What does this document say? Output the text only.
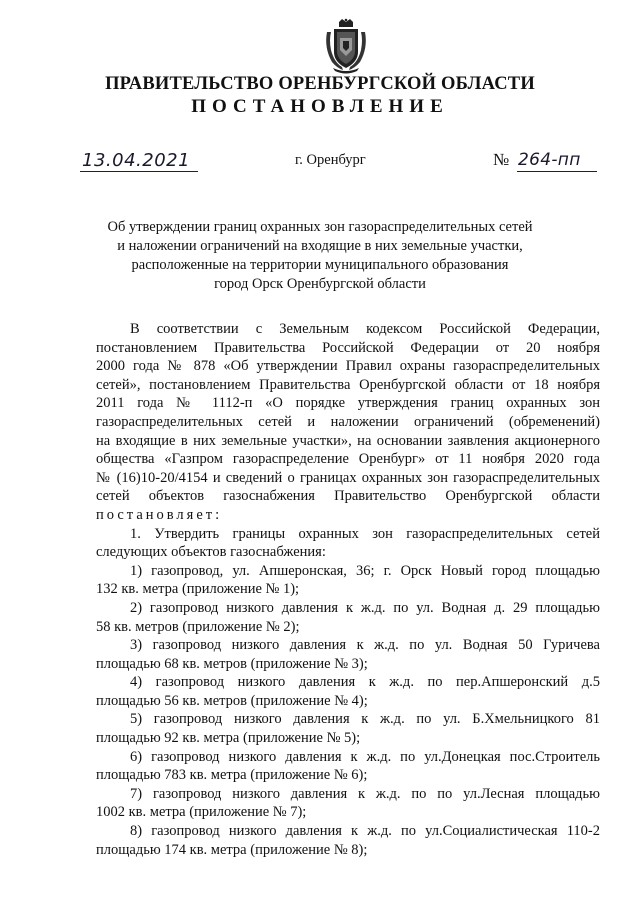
ПРАВИТЕЛЬСТВО ОРЕНБУРГСКОЙ ОБЛАСТИ
ПОСТАНОВЛЕНИЕ
13.04.2021	г. Оренбург	№ 264-пп
Об утверждении границ охранных зон газораспределительных сетей
и наложении ограничений на входящие в них земельные участки,
расположенные на территории муниципального образования
город Орск Оренбургской области
В соответствии с Земельным кодексом Российской Федерации,
постановлением Правительства Российской Федерации от 20 ноября
2000 года № 878 «Об утверждении Правил охраны газораспределительных
сетей», постановлением Правительства Оренбургской области от 18 ноября
2011 года № 1112-п «О порядке утверждения границ охранных зон
газораспределительных сетей и наложении ограничений (обременений)
на входящие в них земельные участки», на основании заявления акционерного
общества «Газпром газораспределение Оренбург» от 11 ноября 2020 года
№ (16)10-20/4154 и сведений о границах охранных зон газораспределительных
сетей объектов газоснабжения Правительство Оренбургской области
постановляет:
1. Утвердить границы охранных зон газораспределительных сетей
следующих объектов газоснабжения:
1) газопровод, ул. Апшеронская, 36; г. Орск Новый город площадью
132 кв. метра (приложение № 1);
2) газопровод низкого давления к ж.д. по ул. Водная д. 29 площадью
58 кв. метров (приложение № 2);
3) газопровод низкого давления к ж.д. по ул. Водная 50 Гуричева
площадью 68 кв. метров (приложение № 3);
4) газопровод низкого давления к ж.д. по пер.Апшеронский д.5
площадью 56 кв. метров (приложение № 4);
5) газопровод низкого давления к ж.д. по ул. Б.Хмельницкого 81
площадью 92 кв. метра (приложение № 5);
6) газопровод низкого давления к ж.д. по ул.Донецкая пос.Строитель
площадью 783 кв. метра (приложение № 6);
7) газопровод низкого давления к ж.д. по по ул.Лесная площадью
1002 кв. метра (приложение № 7);
8) газопровод низкого давления к ж.д. по ул.Социалистическая 110-2
площадью 174 кв. метра (приложение № 8);
